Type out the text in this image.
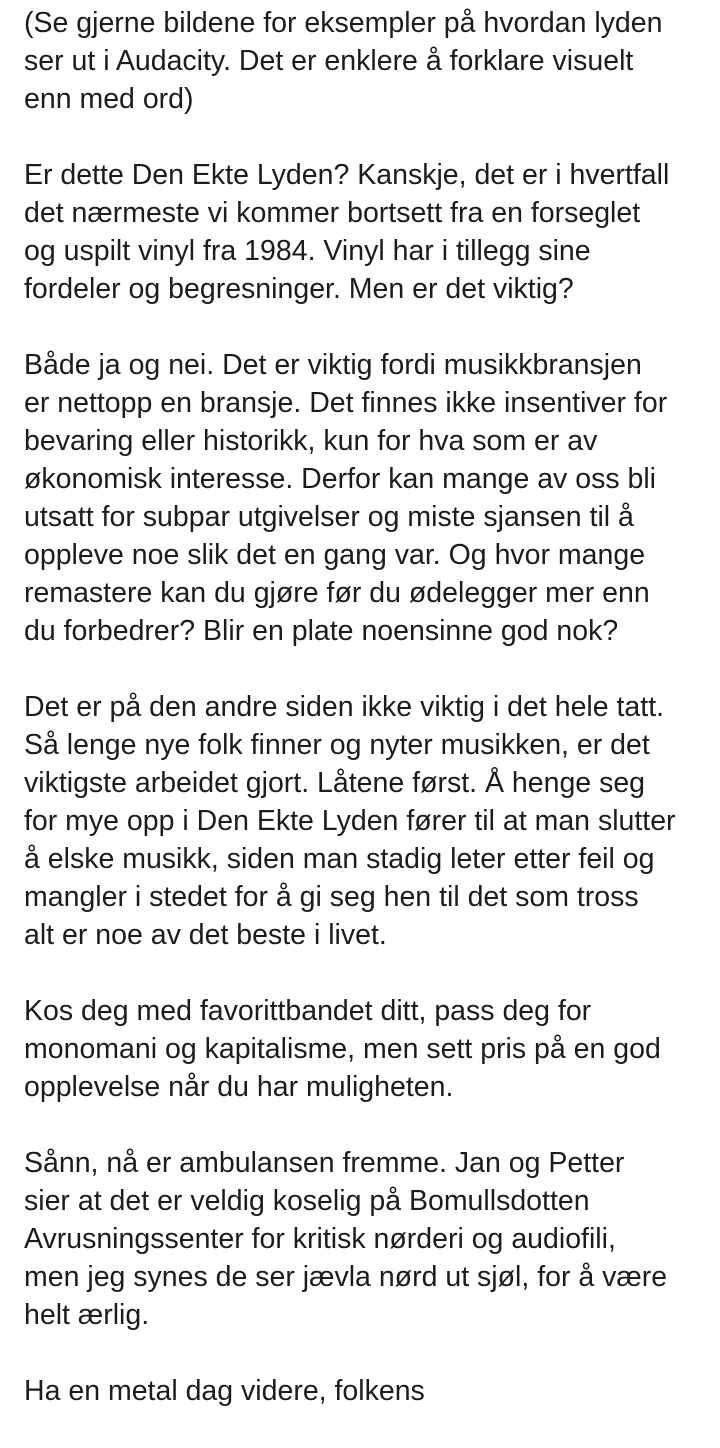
(Se gjerne bildene for eksempler på hvordan lyden
ser ut i Audacity. Det er enklere å forklare visuelt
enn med ord)

Er dette Den Ekte Lyden? Kanskje, det er i hvertfall
det nærmeste vi kommer bortsett fra en forseglet
og uspilt vinyl fra 1984. Vinyl har i tillegg sine
fordeler og begresninger. Men er det viktig?

Både ja og nei. Det er viktig fordi musikkbransjen
er nettopp en bransje. Det finnes ikke insentiver for
bevaring eller historikk, kun for hva som er av
økonomisk interesse. Derfor kan mange av oss bli
utsatt for subpar utgivelser og miste sjansen til å
oppleve noe slik det en gang var. Og hvor mange
remastere kan du gjøre før du ødelegger mer enn
du forbedrer? Blir en plate noensinne god nok?

Det er på den andre siden ikke viktig i det hele tatt.
Så lenge nye folk finner og nyter musikken, er det
viktigste arbeidet gjort. Låtene først. Å henge seg
for mye opp i Den Ekte Lyden fører til at man slutter
å elske musikk, siden man stadig leter etter feil og
mangler i stedet for å gi seg hen til det som tross
alt er noe av det beste i livet.

Kos deg med favorittbandet ditt, pass deg for
monomani og kapitalisme, men sett pris på en god
opplevelse når du har muligheten.

Sånn, nå er ambulansen fremme. Jan og Petter
sier at det er veldig koselig på Bomullsdotten
Avrusningssenter for kritisk nørderi og audiofili,
men jeg synes de ser jævla nørd ut sjøl, for å være
helt ærlig.

Ha en metal dag videre, folkens
